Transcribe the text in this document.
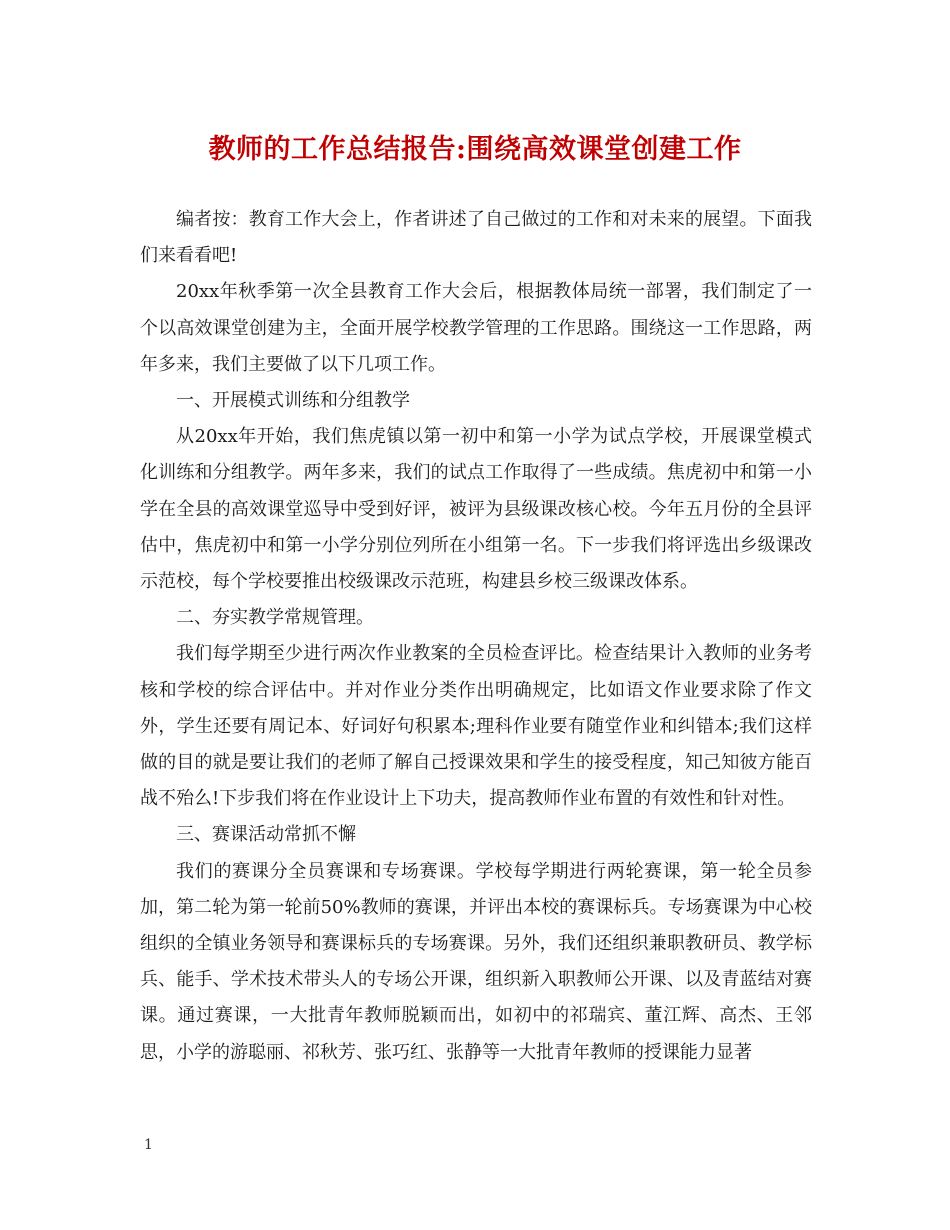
教师的工作总结报告:围绕高效课堂创建工作

编者按：教育工作大会上，作者讲述了自己做过的工作和对未来的展望。下面我们来看看吧!

20xx年秋季第一次全县教育工作大会后，根据教体局统一部署，我们制定了一个以高效课堂创建为主，全面开展学校教学管理的工作思路。围绕这一工作思路，两年多来，我们主要做了以下几项工作。

一、开展模式训练和分组教学

从20xx年开始，我们焦虎镇以第一初中和第一小学为试点学校，开展课堂模式化训练和分组教学。两年多来，我们的试点工作取得了一些成绩。焦虎初中和第一小学在全县的高效课堂巡导中受到好评，被评为县级课改核心校。今年五月份的全县评估中，焦虎初中和第一小学分别位列所在小组第一名。下一步我们将评选出乡级课改示范校，每个学校要推出校级课改示范班，构建县乡校三级课改体系。

二、夯实教学常规管理。

我们每学期至少进行两次作业教案的全员检查评比。检查结果计入教师的业务考核和学校的综合评估中。并对作业分类作出明确规定，比如语文作业要求除了作文外，学生还要有周记本、好词好句积累本;理科作业要有随堂作业和纠错本;我们这样做的目的就是要让我们的老师了解自己授课效果和学生的接受程度，知己知彼方能百战不殆么!下步我们将在作业设计上下功夫，提高教师作业布置的有效性和针对性。

三、赛课活动常抓不懈

我们的赛课分全员赛课和专场赛课。学校每学期进行两轮赛课，第一轮全员参加，第二轮为第一轮前50%教师的赛课，并评出本校的赛课标兵。专场赛课为中心校组织的全镇业务领导和赛课标兵的专场赛课。另外，我们还组织兼职教研员、教学标兵、能手、学术技术带头人的专场公开课，组织新入职教师公开课、以及青蓝结对赛课。通过赛课，一大批青年教师脱颖而出，如初中的祁瑞宾、董江辉、高杰、王邻思，小学的游聪丽、祁秋芳、张巧红、张静等一大批青年教师的授课能力显著

1
